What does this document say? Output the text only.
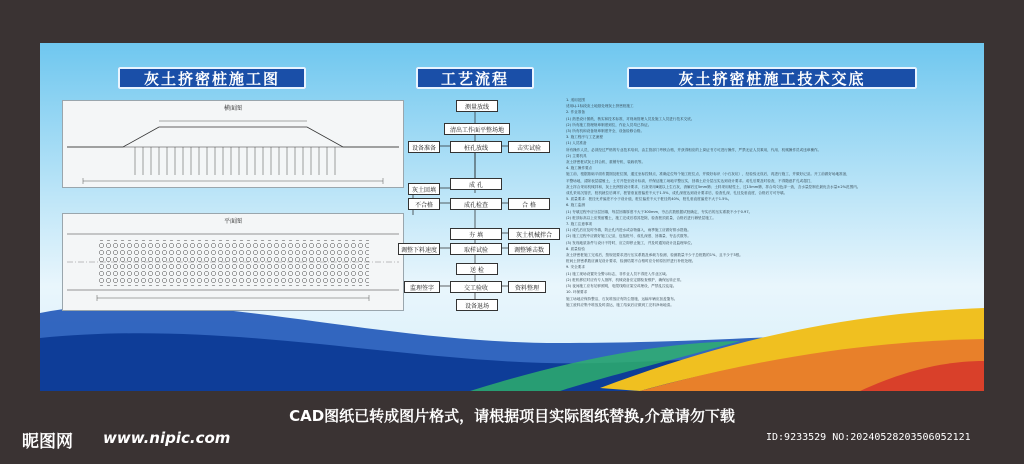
灰土挤密桩施工图	工艺流程	灰土挤密桩施工技术交底
横面图
平面图
测量放线
清出工作面平整场地
设备准备	桩孔放线	击实试验
灰土回填
成 孔
不合格	成孔检查	合 格
夯 填	灰土机械拌合
调整下料速度	取样试验	调整锤击数
送 检
监理签字	交工验收	资料整理
设备退场
1. 适用范围
适用LJ-1标段灰土地基处理灰土挤密桩施工
2. 作业准备
(1) 熟悉设计图纸，核实和技术标准，对现场管理人员及施工人员进行技术交底。
(2) 所有施工管理规章制度到位，作业人员均已持证。
(3) 所有机和设备规章制度齐全，设备检修合格。
3. 施工程序与工艺流程
(1) 人员准备
所有操作人员，必须经过严格的专业技术培训，由主管部门考核合格，并获得相应的上岗证书方可进行操作，严禁无证人员乘用，代用、机械操作员或违章操作。
(2) 主要机具
灰土挤密桩试灰土拌合机、重锤夯机、装载机等。
4. 施工操作要点
施工前，根据基础平面布置图及桩位图，通过坐标控制点，准确定位每个施工桩位点，并做好标识（小石灰坑），经检验无误后，再进行施工，并做好记录。开工前做好场地准备，
平整场地，清除表层腐殖土，土方开挖至设计标高，并保证施工场地平整压实，回填土应分层压实达到设计要求。成孔后要及时检查，不得随意扩孔或超打，
灰土拌合采用机械拌和，灰土比例按设计要求，石灰采用Ⅲ级以上生石灰，消解后过5mm筛；土料采用粘性土，过15mm筛，拌合均匀色泽一致，含水量控制在最优含水量±2%范围内。
成孔采用沉管法，桩机就位后调平，桩管垂直度偏差不大于1.5%，成孔深度达到设计要求后，检查孔深、孔径及垂直度，合格后方可夯填。
5. 质量要求：桩径允许偏差不小于设计值，桩位偏差不大于桩径的40%，桩孔垂直度偏差不大于1.5%。
6. 施工监测
(1) 夯填过程中应分层回填，每层回填厚度不大于300mm，夯击次数根据试桩确定，夯实后的压实系数不小于0.97。
(2) 桩顶标高以上应预留覆土，施工完成后将其挖除，检查桩顶质量，合格后进行褥垫层施工。
7. 施工注意事项
(1) 成孔后应及时夯填，防止孔内进水或杂物落入，雨季施工应做好排水措施。
(2) 施工过程中应做好施工记录，包括桩号、成孔深度、回填量、夯击次数等。
(3) 发现地质条件与设计不符时，应立即停止施工，并及时通知设计及监理单位。
8. 质量检验
灰土挤密桩施工完成后，按规范要求进行压实系数及承载力检测，检测数量不少于总桩数的1%，且不少于3根。
桩间土挤密系数应满足设计要求，检测结果不合格时应分析原因并进行补桩处理。
9. 安全要求
(1) 施工现场设置安全警示标志，非作业人员不得进入作业区域。
(2) 桩机移位时应有专人指挥，机械设备应定期检查维护，确保运转正常。
(3) 夜间施工应有足够照明，电缆线路应架空或埋设，严禁乱拉乱接。
10. 环保要求
施工场地应保持整洁，石灰堆放应有防尘措施，运输车辆应加盖篷布。
施工废料应集中堆放及时清运，施工结束后应做到工完料净场地清。
CAD图纸已转成图片格式，请根据项目实际图纸替换,介意请勿下载
昵图网 www.nipic.com	ID:9233529 NO:20240528203506052121
